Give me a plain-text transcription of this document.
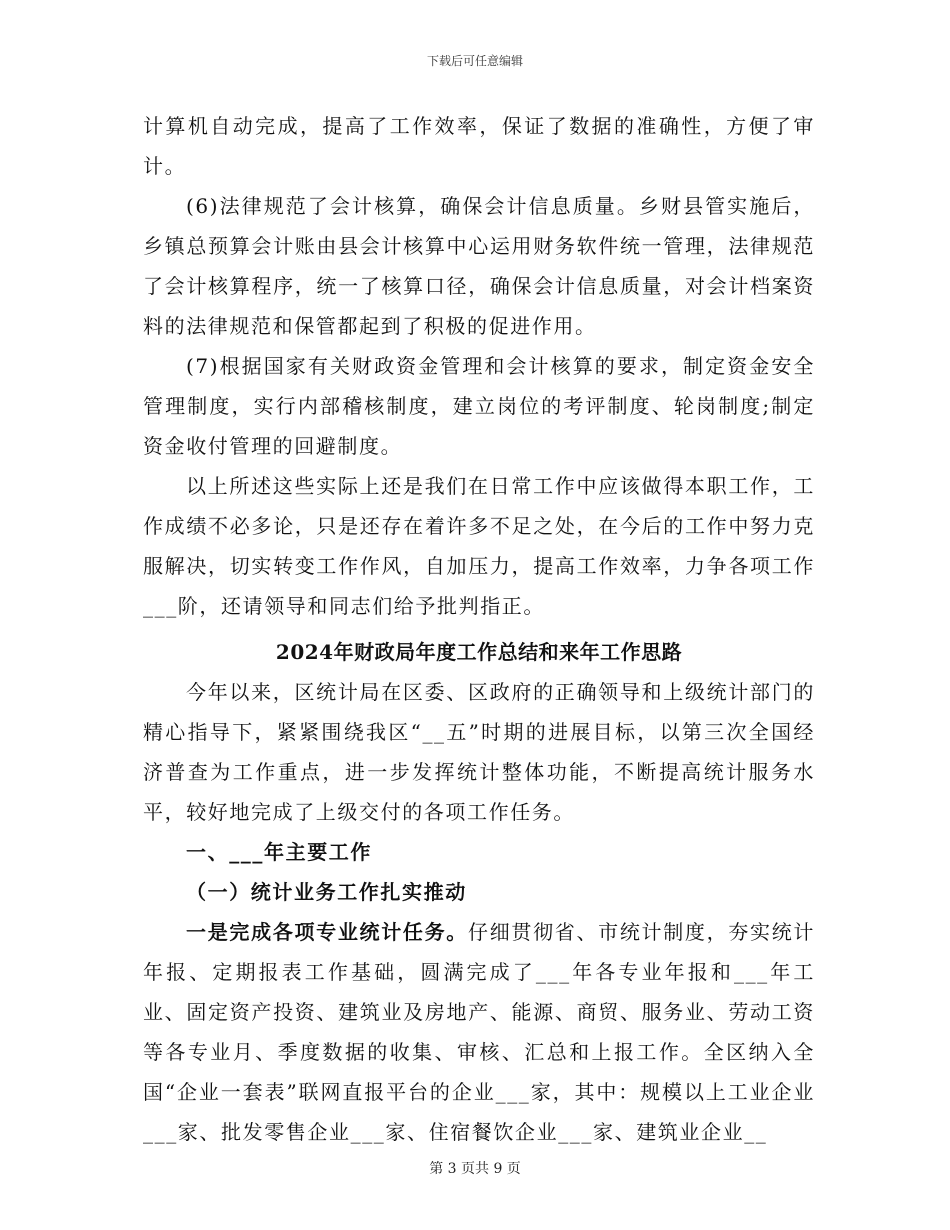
下载后可任意编辑

计算机自动完成，提高了工作效率，保证了数据的准确性，方便了审计。

(6)法律规范了会计核算，确保会计信息质量。乡财县管实施后，乡镇总预算会计账由县会计核算中心运用财务软件统一管理，法律规范了会计核算程序，统一了核算口径，确保会计信息质量，对会计档案资料的法律规范和保管都起到了积极的促进作用。

(7)根据国家有关财政资金管理和会计核算的要求，制定资金安全管理制度，实行内部稽核制度，建立岗位的考评制度、轮岗制度;制定资金收付管理的回避制度。

以上所述这些实际上还是我们在日常工作中应该做得本职工作，工作成绩不必多论，只是还存在着许多不足之处，在今后的工作中努力克服解决，切实转变工作作风，自加压力，提高工作效率，力争各项工作___阶，还请领导和同志们给予批判指正。

2024年财政局年度工作总结和来年工作思路

今年以来，区统计局在区委、区政府的正确领导和上级统计部门的精心指导下，紧紧围绕我区“__五”时期的进展目标，以第三次全国经济普查为工作重点，进一步发挥统计整体功能，不断提高统计服务水平，较好地完成了上级交付的各项工作任务。

一、___年主要工作

（一）统计业务工作扎实推动

一是完成各项专业统计任务。仔细贯彻省、市统计制度，夯实统计年报、定期报表工作基础，圆满完成了___年各专业年报和___年工业、固定资产投资、建筑业及房地产、能源、商贸、服务业、劳动工资等各专业月、季度数据的收集、审核、汇总和上报工作。全区纳入全国“企业一套表”联网直报平台的企业___家，其中：规模以上工业企业___家、批发零售企业___家、住宿餐饮企业___家、建筑业企业__

第 3 页共 9 页
